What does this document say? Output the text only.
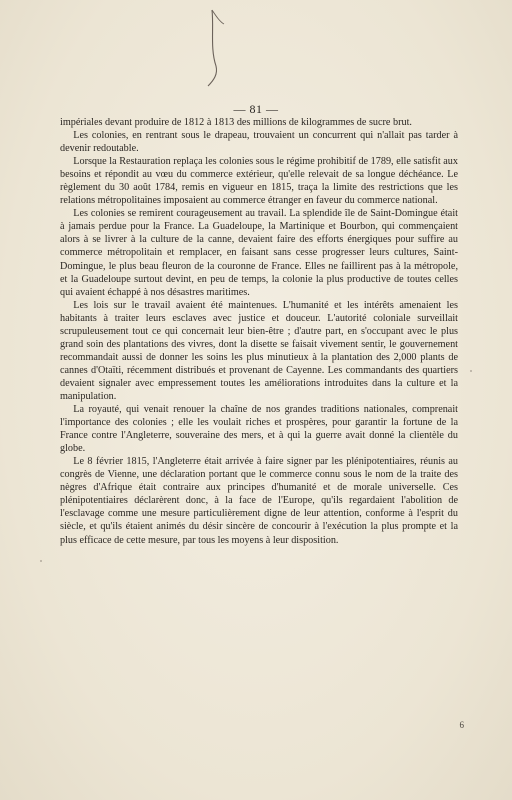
— 81 —

impériales devant produire de 1812 à 1813 des millions de kilogrammes de sucre brut.

Les colonies, en rentrant sous le drapeau, trouvaient un concurrent qui n'allait pas tarder à devenir redoutable.

Lorsque la Restauration replaça les colonies sous le régime prohibitif de 1789, elle satisfit aux besoins et répondit au vœu du commerce extérieur, qu'elle relevait de sa longue déchéance. Le règlement du 30 août 1784, remis en vigueur en 1815, traça la limite des restrictions que les relations métropolitaines imposaient au commerce étranger en faveur du commerce national.

Les colonies se remirent courageusement au travail. La splendide île de Saint-Domingue était à jamais perdue pour la France. La Guadeloupe, la Martinique et Bourbon, qui commençaient alors à se livrer à la culture de la canne, devaient faire des efforts énergiques pour suffire au commerce métropolitain et remplacer, en faisant sans cesse progresser leurs cultures, Saint-Domingue, le plus beau fleuron de la couronne de France. Elles ne faillirent pas à la métropole, et la Guadeloupe surtout devint, en peu de temps, la colonie la plus productive de toutes celles qui avaient échappé à nos désastres maritimes.

Les lois sur le travail avaient été maintenues. L'humanité et les intérêts amenaient les habitants à traiter leurs esclaves avec justice et douceur. L'autorité coloniale surveillait scrupuleusement tout ce qui concernait leur bien-être ; d'autre part, en s'occupant avec le plus grand soin des plantations des vivres, dont la disette se faisait vivement sentir, le gouvernement recommandait aussi de donner les soins les plus minutieux à la plantation des 2,000 plants de cannes d'Otaïti, récemment distribués et provenant de Cayenne. Les commandants des quartiers devaient signaler avec empressement toutes les améliorations introduites dans la culture et la manipulation.

La royauté, qui venait renouer la chaîne de nos grandes traditions nationales, comprenait l'importance des colonies ; elle les voulait riches et prospères, pour garantir la fortune de la France contre l'Angleterre, souveraine des mers, et à qui la guerre avait donné la clientèle du globe.

Le 8 février 1815, l'Angleterre était arrivée à faire signer par les plénipotentiaires, réunis au congrès de Vienne, une déclaration portant que le commerce connu sous le nom de la traite des nègres d'Afrique était contraire aux principes d'humanité et de morale universelle. Ces plénipotentiaires déclarèrent donc, à la face de l'Europe, qu'ils regardaient l'abolition de l'esclavage comme une mesure particulièrement digne de leur attention, conforme à l'esprit du siècle, et qu'ils étaient animés du désir sincère de concourir à l'exécution la plus prompte et la plus efficace de cette mesure, par tous les moyens à leur disposition.

6
